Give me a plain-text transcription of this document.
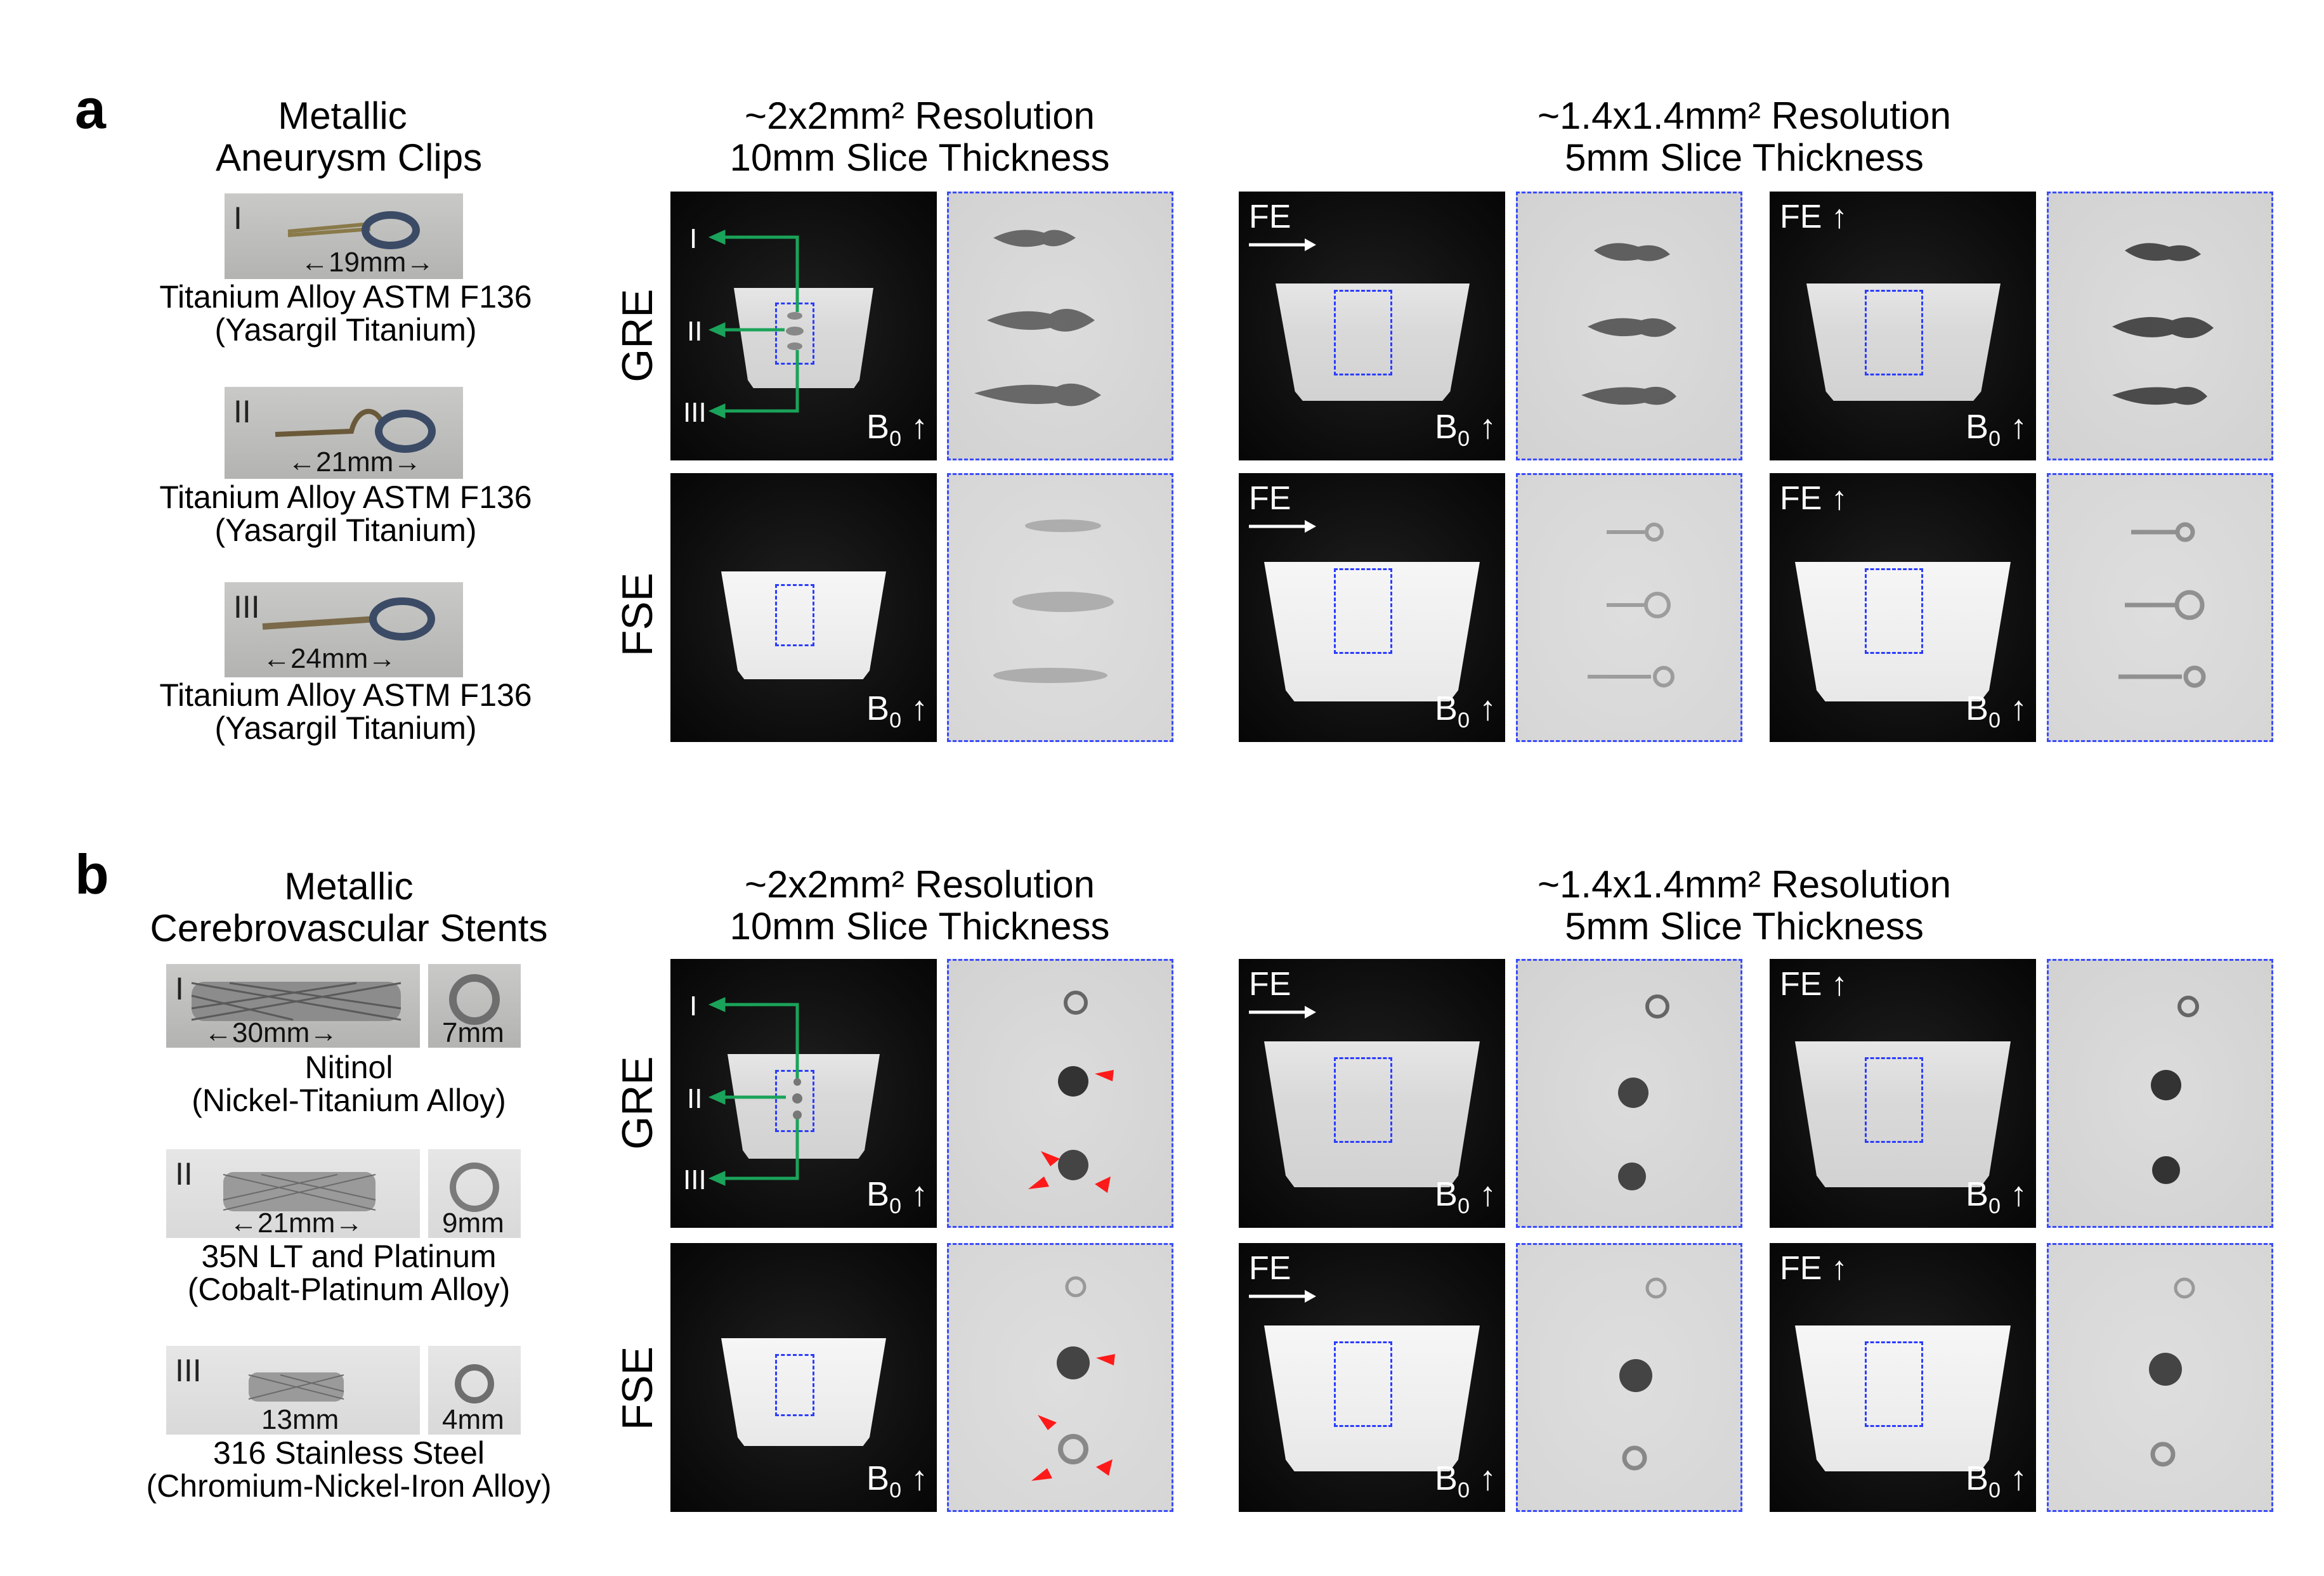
a	Metallic
Aneurysm Clips
I
←19mm→
Titanium Alloy ASTM F136
(Yasargil Titanium)
II
←21mm→
Titanium Alloy ASTM F136
(Yasargil Titanium)
III
←24mm→
Titanium Alloy ASTM F136
(Yasargil Titanium)
~2x2mm² Resolution
10mm Slice Thickness
~1.4x1.4mm² Resolution
5mm Slice Thickness
GRE
FSE
I
II
III	$B_0$ ↑
FE
$B_0$ ↑
FE ↑
$B_0$ ↑
$B_0$ ↑
FE
$B_0$ ↑
FE ↑
$B_0$ ↑
b	Metallic
Cerebrovascular Stents
I
←30mm→	7mm
Nitinol
(Nickel-Titanium Alloy)
II
←21mm→	9mm
35N LT and Platinum
(Cobalt-Platinum Alloy)
III
13mm	4mm
316 Stainless Steel
(Chromium-Nickel-Iron Alloy)
~2x2mm² Resolution
10mm Slice Thickness
~1.4x1.4mm² Resolution
5mm Slice Thickness
GRE
FSE
I
II
III	$B_0$ ↑
FE
$B_0$ ↑
FE ↑
$B_0$ ↑
$B_0$ ↑
FE
$B_0$ ↑
FE ↑
$B_0$ ↑
